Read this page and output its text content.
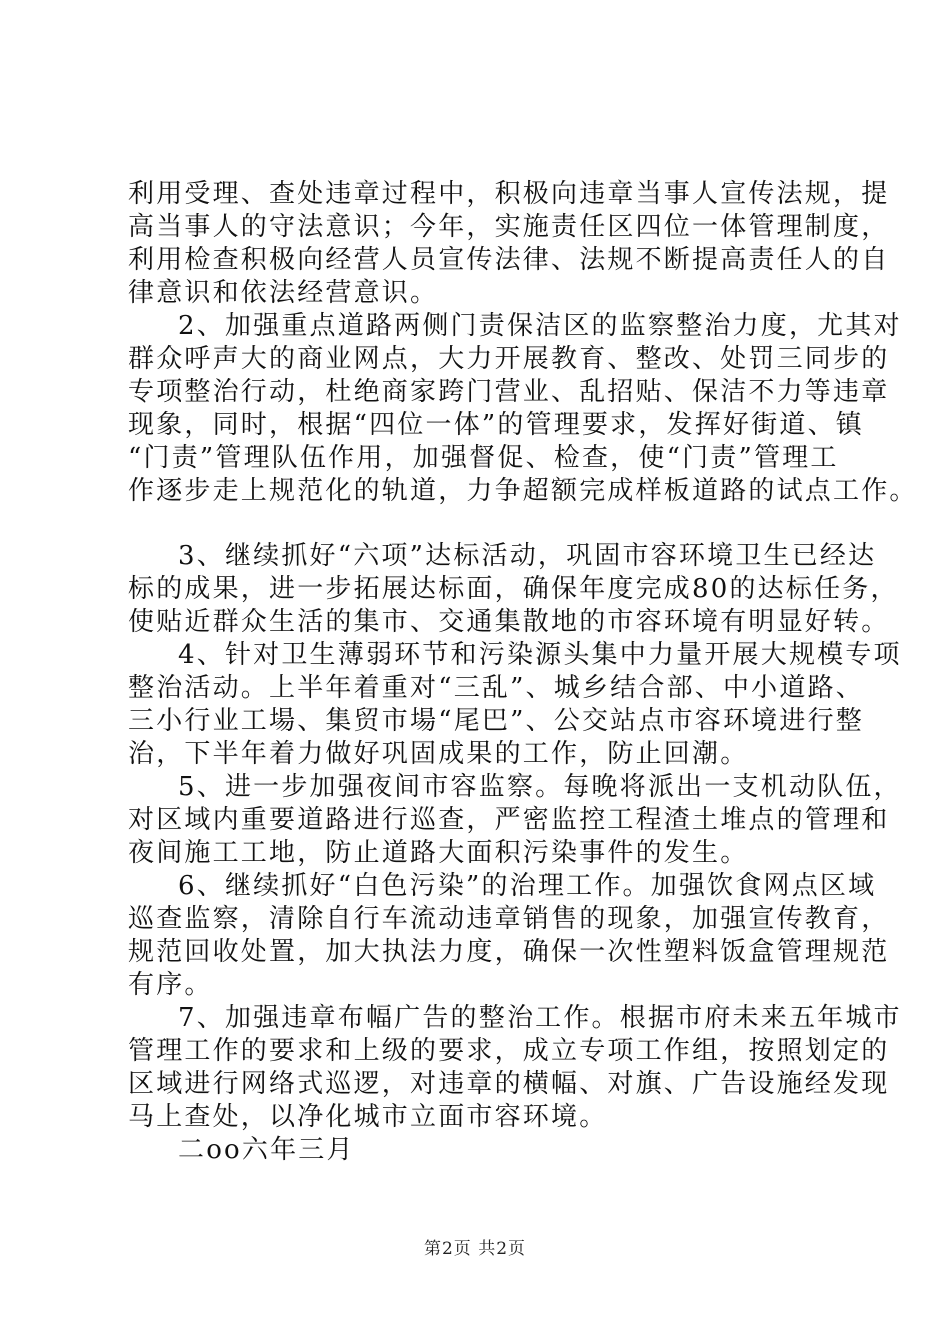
利用受理、查处违章过程中，积极向违章当事人宣传法规，提
高当事人的守法意识；今年，实施责任区四位一体管理制度，
利用检查积极向经营人员宣传法律、法规不断提高责任人的自
律意识和依法经营意识。
2、加强重点道路两侧门责保洁区的监察整治力度，尤其对
群众呼声大的商业网点，大力开展教育、整改、处罚三同步的
专项整治行动，杜绝商家跨门营业、乱招贴、保洁不力等违章
现象，同时，根据“四位一体”的管理要求，发挥好街道、镇
“门责”管理队伍作用，加强督促、检查，使“门责”管理工
作逐步走上规范化的轨道，力争超额完成样板道路的试点工作。
3、继续抓好“六项”达标活动，巩固市容环境卫生已经达
标的成果，进一步拓展达标面，确保年度完成80的达标任务，
使贴近群众生活的集市、交通集散地的市容环境有明显好转。
4、针对卫生薄弱环节和污染源头集中力量开展大规模专项
整治活动。上半年着重对“三乱”、城乡结合部、中小道路、
三小行业工場、集贸市場“尾巴”、公交站点市容环境进行整
治，下半年着力做好巩固成果的工作，防止回潮。
5、进一步加强夜间市容监察。每晚将派出一支机动队伍，
对区域内重要道路进行巡查，严密监控工程渣土堆点的管理和
夜间施工工地，防止道路大面积污染事件的发生。
6、继续抓好“白色污染”的治理工作。加强饮食网点区域
巡查监察，清除自行车流动违章销售的现象，加强宣传教育，
规范回收处置，加大执法力度，确保一次性塑料饭盒管理规范
有序。
7、加强违章布幅广告的整治工作。根据市府未来五年城市
管理工作的要求和上级的要求，成立专项工作组，按照划定的
区域进行网络式巡逻，对违章的横幅、对旗、广告设施经发现
马上查处，以净化城市立面市容环境。
二oo六年三月
第2页 共2页
